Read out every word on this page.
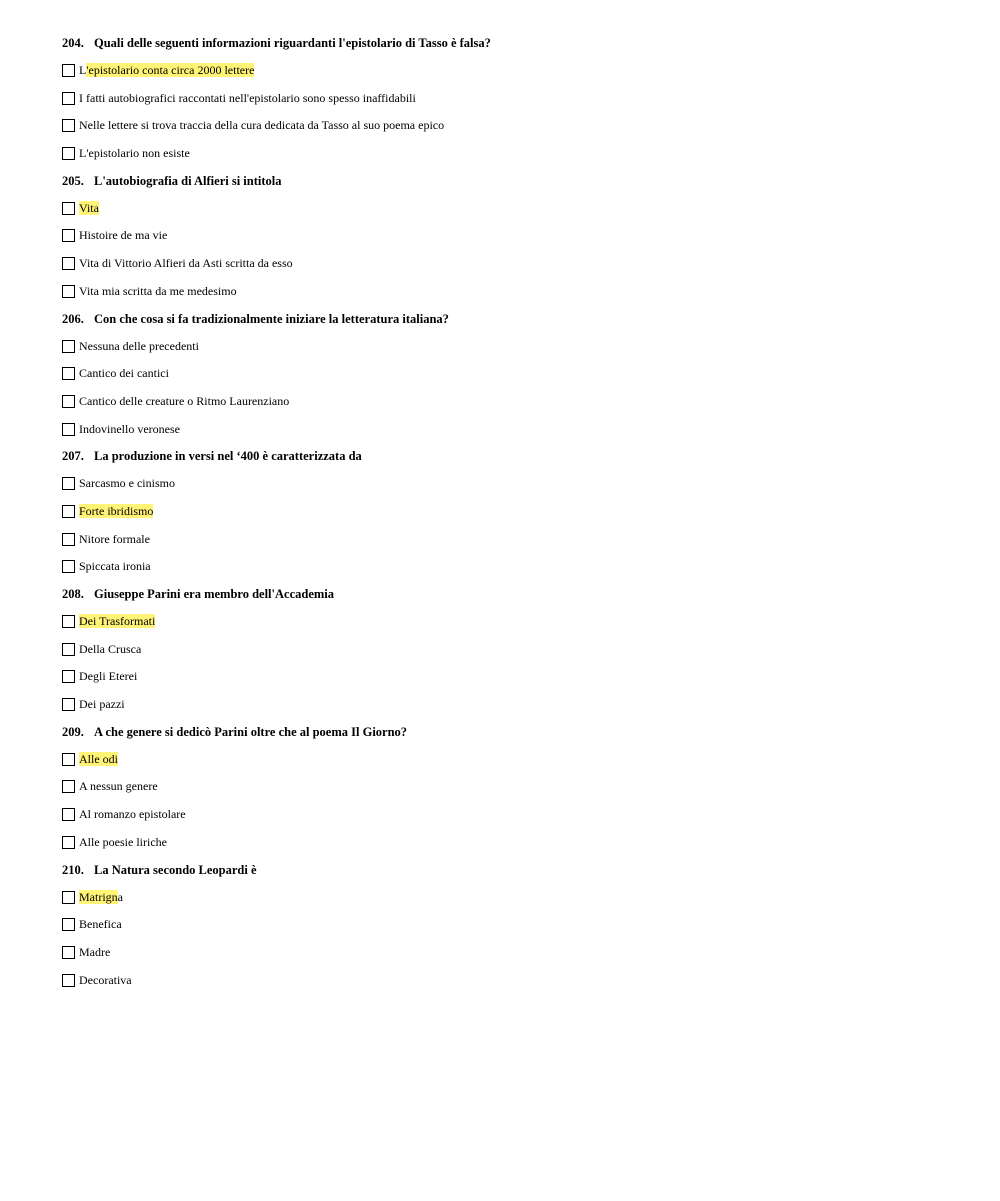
204. Quali delle seguenti informazioni riguardanti l'epistolario di Tasso è falsa?
L'epistolario conta circa 2000 lettere
I fatti autobiografici raccontati nell'epistolario sono spesso inaffidabili
Nelle lettere si trova traccia della cura dedicata da Tasso al suo poema epico
L'epistolario non esiste
205. L'autobiografia di Alfieri si intitola
Vita
Histoire de ma vie
Vita di Vittorio Alfieri da Asti scritta da esso
Vita mia scritta da me medesimo
206. Con che cosa si fa tradizionalmente iniziare la letteratura italiana?
Nessuna delle precedenti
Cantico dei cantici
Cantico delle creature o Ritmo Laurenziano
Indovinello veronese
207. La produzione in versi nel ‘400 è caratterizzata da
Sarcasmo e cinismo
Forte ibridismo
Nitore formale
Spiccata ironia
208. Giuseppe Parini era membro dell'Accademia
Dei Trasformati
Della Crusca
Degli Eterei
Dei pazzi
209. A che genere si dedicò Parini oltre che al poema Il Giorno?
Alle odi
A nessun genere
Al romanzo epistolare
Alle poesie liriche
210. La Natura secondo Leopardi è
Matrigna
Benefica
Madre
Decorativa
